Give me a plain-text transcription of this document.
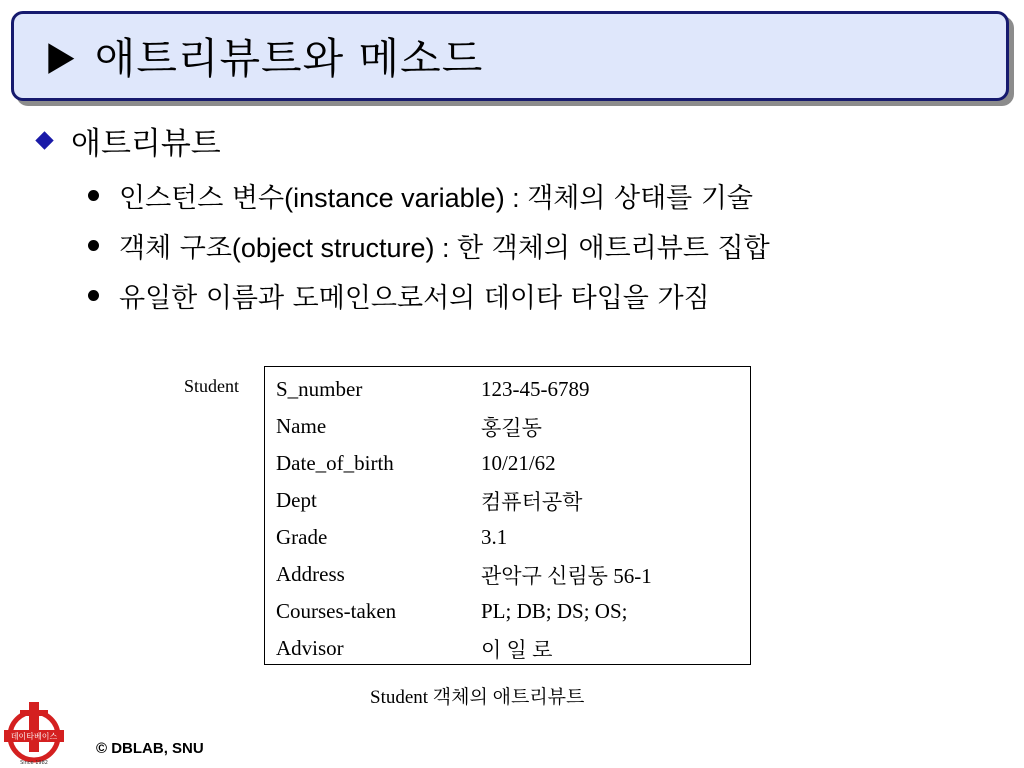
▶ 애트리뷰트와 메소드
애트리뷰트
인스턴스 변수(instance variable) : 객체의 상태를 기술
객체 구조(object structure) : 한 객체의 애트리뷰트 집합
유일한 이름과 도메인으로서의 데이타 타입을 가짐
Student	S_number	123-45-6789
Name	홍길동
Date_of_birth	10/21/62
Dept	컴퓨터공학
Grade	3.1
Address	관악구 신림동 56-1
Courses-taken	PL; DB; DS; OS;
Advisor	이 일 로
Student 객체의 애트리뷰트
데이타베이스
Since 1982
© DBLAB, SNU
